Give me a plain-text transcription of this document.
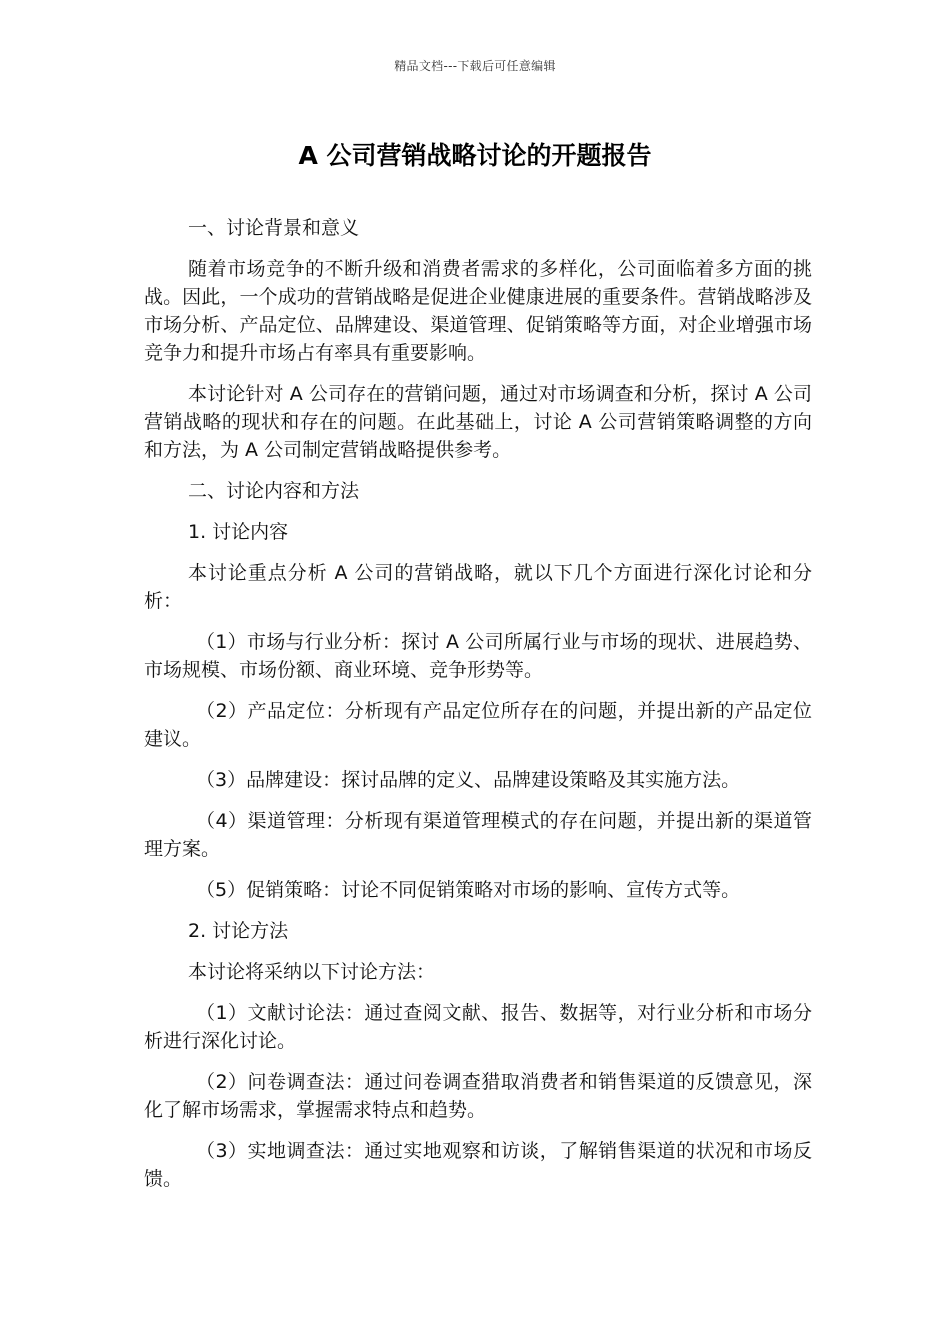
精品文档---下载后可任意编辑
A 公司营销战略讨论的开题报告

一、讨论背景和意义

随着市场竞争的不断升级和消费者需求的多样化，公司面临着多方面的挑战。因此，一个成功的营销战略是促进企业健康进展的重要条件。营销战略涉及市场分析、产品定位、品牌建设、渠道管理、促销策略等方面，对企业增强市场竞争力和提升市场占有率具有重要影响。

本讨论针对 A 公司存在的营销问题，通过对市场调查和分析，探讨 A 公司营销战略的现状和存在的问题。在此基础上，讨论 A 公司营销策略调整的方向和方法，为 A 公司制定营销战略提供参考。

二、讨论内容和方法

1. 讨论内容

本讨论重点分析 A 公司的营销战略，就以下几个方面进行深化讨论和分析：

（1）市场与行业分析：探讨 A 公司所属行业与市场的现状、进展趋势、市场规模、市场份额、商业环境、竞争形势等。

（2）产品定位：分析现有产品定位所存在的问题，并提出新的产品定位建议。

（3）品牌建设：探讨品牌的定义、品牌建设策略及其实施方法。

（4）渠道管理：分析现有渠道管理模式的存在问题，并提出新的渠道管理方案。

（5）促销策略：讨论不同促销策略对市场的影响、宣传方式等。

2. 讨论方法

本讨论将采纳以下讨论方法：

（1）文献讨论法：通过查阅文献、报告、数据等，对行业分析和市场分析进行深化讨论。

（2）问卷调查法：通过问卷调查猎取消费者和销售渠道的反馈意见，深化了解市场需求，掌握需求特点和趋势。

（3）实地调查法：通过实地观察和访谈，了解销售渠道的状况和市场反馈。
